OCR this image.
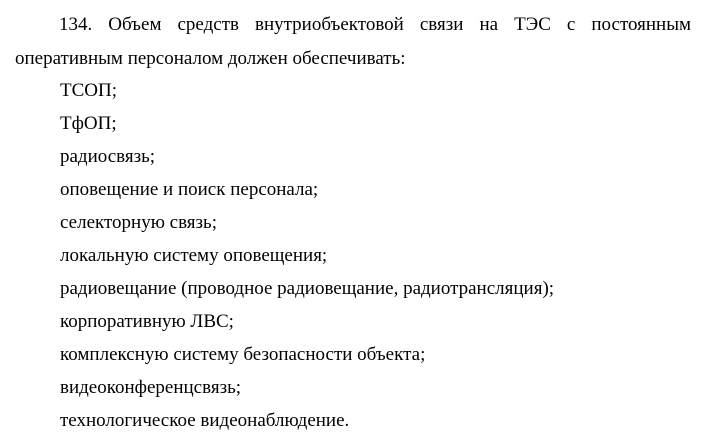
134. Объем средств внутриобъектовой связи на ТЭС с постоянным
оперативным персоналом должен обеспечивать:

ТСОП;
ТфОП;
радиосвязь;
оповещение и поиск персонала;
селекторную связь;
локальную систему оповещения;
радиовещание (проводное радиовещание, радиотрансляция);
корпоративную ЛВС;
комплексную систему безопасности объекта;
видеоконференцсвязь;
технологическое видеонаблюдение.
